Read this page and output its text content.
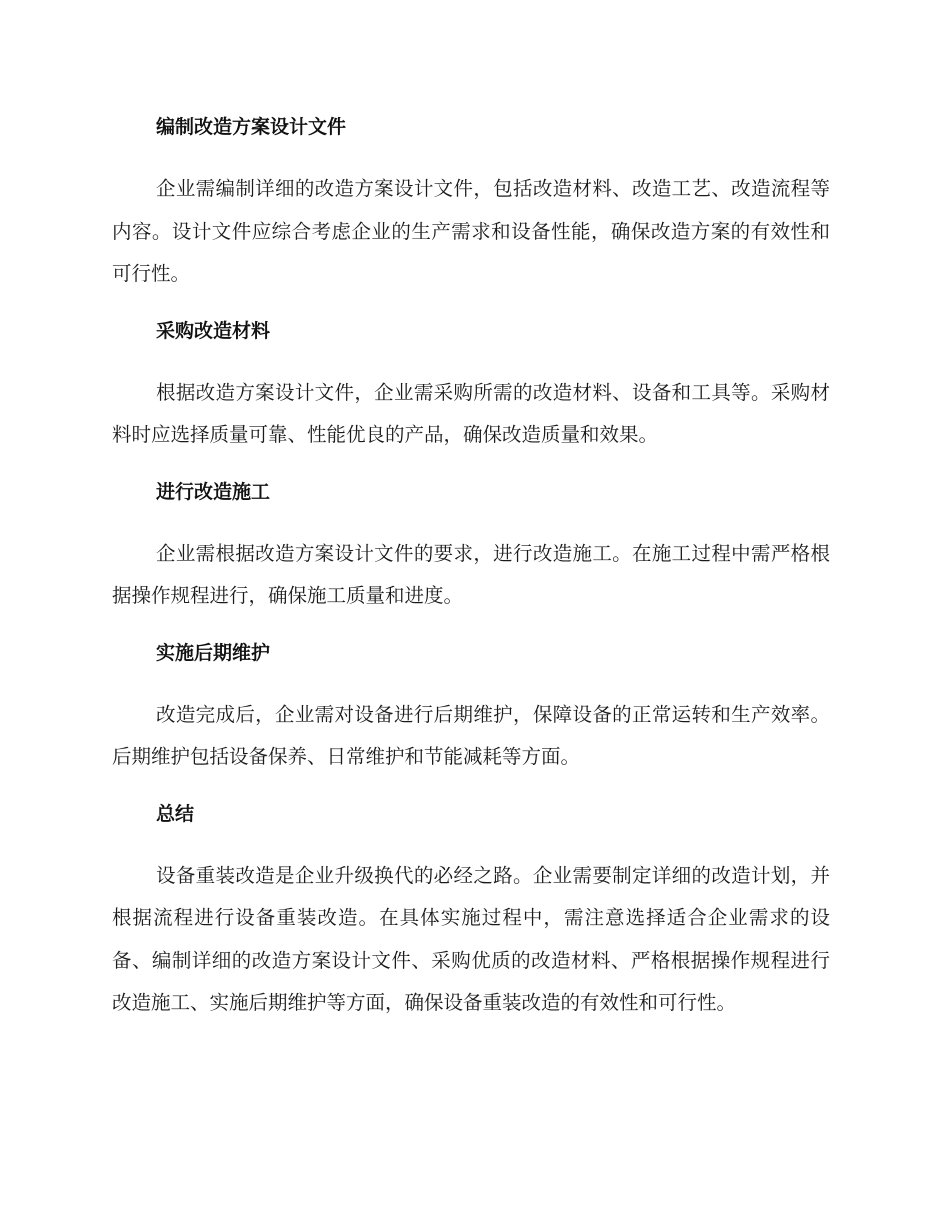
编制改造方案设计文件

企业需编制详细的改造方案设计文件，包括改造材料、改造工艺、改造流程等内容。设计文件应综合考虑企业的生产需求和设备性能，确保改造方案的有效性和可行性。

采购改造材料

根据改造方案设计文件，企业需采购所需的改造材料、设备和工具等。采购材料时应选择质量可靠、性能优良的产品，确保改造质量和效果。

进行改造施工

企业需根据改造方案设计文件的要求，进行改造施工。在施工过程中需严格根据操作规程进行，确保施工质量和进度。

实施后期维护

改造完成后，企业需对设备进行后期维护，保障设备的正常运转和生产效率。后期维护包括设备保养、日常维护和节能减耗等方面。

总结

设备重装改造是企业升级换代的必经之路。企业需要制定详细的改造计划，并根据流程进行设备重装改造。在具体实施过程中，需注意选择适合企业需求的设备、编制详细的改造方案设计文件、采购优质的改造材料、严格根据操作规程进行改造施工、实施后期维护等方面，确保设备重装改造的有效性和可行性。
